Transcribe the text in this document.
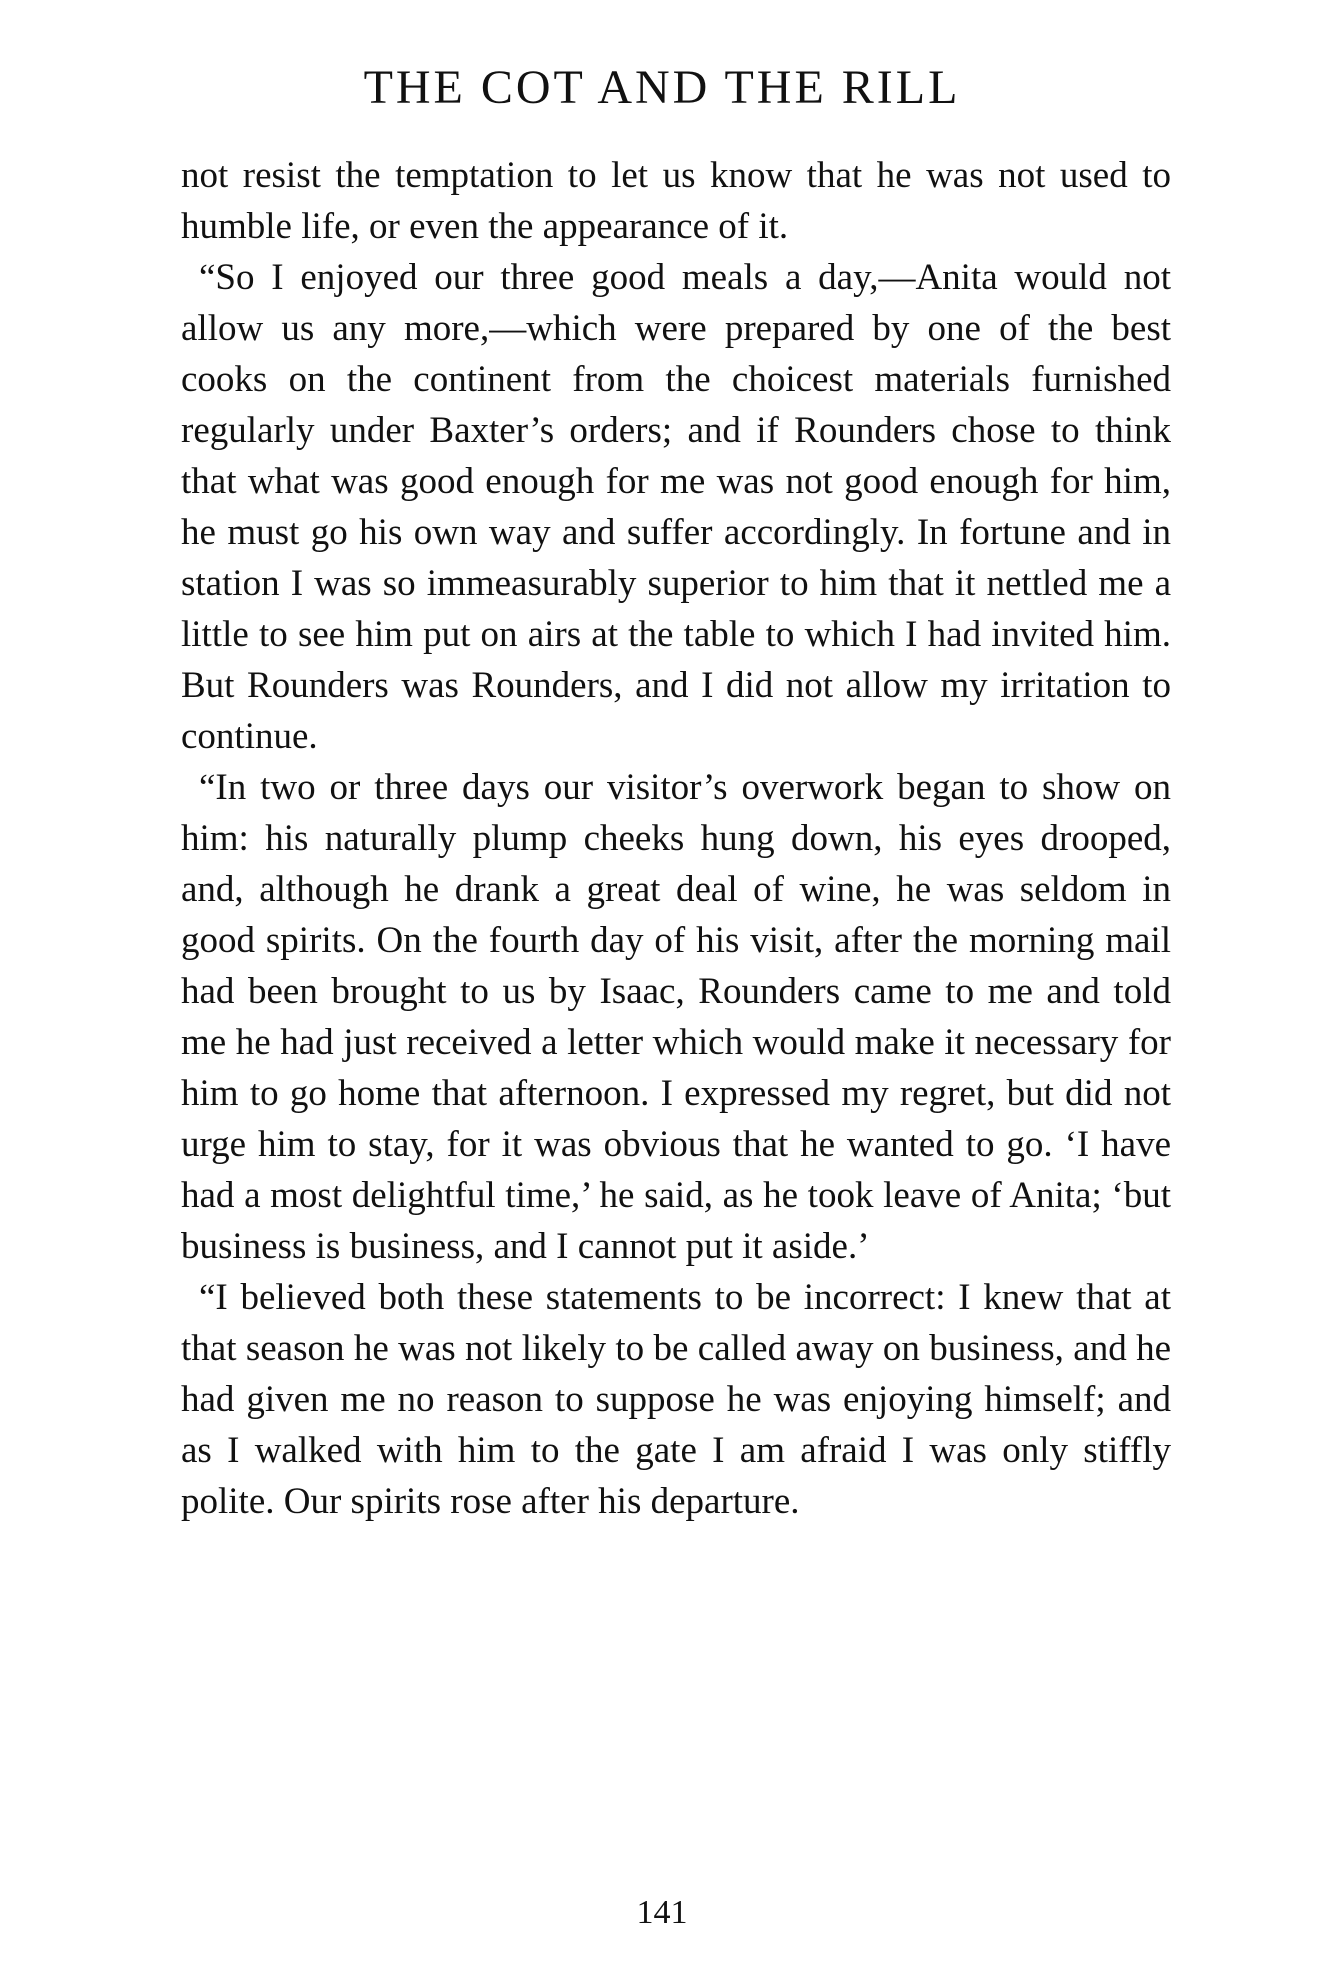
THE COT AND THE RILL

not resist the temptation to let us know that he was not used to humble life, or even the appearance of it.

“So I enjoyed our three good meals a day,—Anita would not allow us any more,—which were prepared by one of the best cooks on the continent from the choicest materials furnished regularly under Baxter’s orders; and if Rounders chose to think that what was good enough for me was not good enough for him, he must go his own way and suffer accordingly. In fortune and in station I was so immeasurably superior to him that it nettled me a little to see him put on airs at the table to which I had invited him. But Rounders was Rounders, and I did not allow my irritation to continue.

“In two or three days our visitor’s overwork began to show on him: his naturally plump cheeks hung down, his eyes drooped, and, although he drank a great deal of wine, he was seldom in good spirits. On the fourth day of his visit, after the morning mail had been brought to us by Isaac, Rounders came to me and told me he had just received a letter which would make it necessary for him to go home that afternoon. I expressed my regret, but did not urge him to stay, for it was obvious that he wanted to go. ‘I have had a most delightful time,’ he said, as he took leave of Anita; ‘but business is business, and I cannot put it aside.’

“I believed both these statements to be incorrect: I knew that at that season he was not likely to be called away on business, and he had given me no reason to suppose he was enjoying himself; and as I walked with him to the gate I am afraid I was only stiffly polite. Our spirits rose after his departure.

141
